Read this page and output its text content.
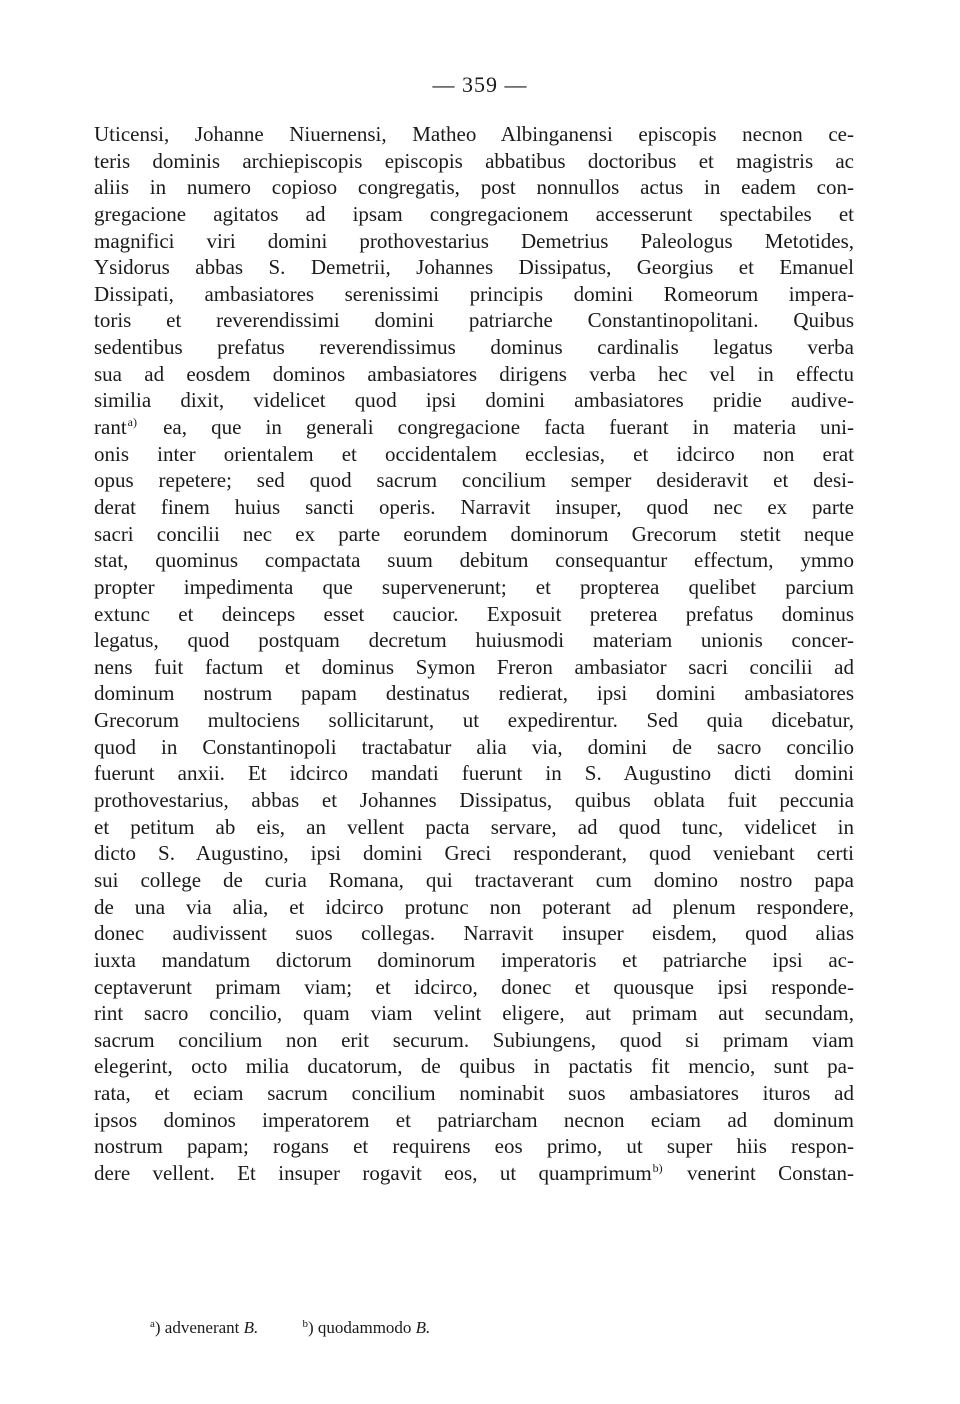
— 359 —
Uticensi, Johanne Niuernensi, Matheo Albinganensi episcopis necnon ce-
teris dominis archiepiscopis episcopis abbatibus doctoribus et magistris ac
aliis in numero copioso congregatis, post nonnullos actus in eadem con-
gregacione agitatos ad ipsam congregacionem accesserunt spectabiles et
magnifici viri domini prothovestarius Demetrius Paleologus Metotides,
Ysidorus abbas S. Demetrii, Johannes Dissipatus, Georgius et Emanuel
Dissipati, ambasiatores serenissimi principis domini Romeorum impera-
toris et reverendissimi domini patriarche Constantinopolitani. Quibus
sedentibus prefatus reverendissimus dominus cardinalis legatus verba
sua ad eosdem dominos ambasiatores dirigens verba hec vel in effectu
similia dixit, videlicet quod ipsi domini ambasiatores pridie audive-
rant$^{a)}$ ea, que in generali congregacione facta fuerant in materia uni-
onis inter orientalem et occidentalem ecclesias, et idcirco non erat
opus repetere; sed quod sacrum concilium semper desideravit et desi-
derat finem huius sancti operis. Narravit insuper, quod nec ex parte
sacri concilii nec ex parte eorundem dominorum Grecorum stetit neque
stat, quominus compactata suum debitum consequantur effectum, ymmo
propter impedimenta que supervenerunt; et propterea quelibet parcium
extunc et deinceps esset caucior. Exposuit preterea prefatus dominus
legatus, quod postquam decretum huiusmodi materiam unionis concer-
nens fuit factum et dominus Symon Freron ambasiator sacri concilii ad
dominum nostrum papam destinatus redierat, ipsi domini ambasiatores
Grecorum multociens sollicitarunt, ut expedirentur. Sed quia dicebatur,
quod in Constantinopoli tractabatur alia via, domini de sacro concilio
fuerunt anxii. Et idcirco mandati fuerunt in S. Augustino dicti domini
prothovestarius, abbas et Johannes Dissipatus, quibus oblata fuit peccunia
et petitum ab eis, an vellent pacta servare, ad quod tunc, videlicet in
dicto S. Augustino, ipsi domini Greci responderant, quod veniebant certi
sui college de curia Romana, qui tractaverant cum domino nostro papa
de una via alia, et idcirco protunc non poterant ad plenum respondere,
donec audivissent suos collegas. Narravit insuper eisdem, quod alias
iuxta mandatum dictorum dominorum imperatoris et patriarche ipsi ac-
ceptaverunt primam viam; et idcirco, donec et quousque ipsi responde-
rint sacro concilio, quam viam velint eligere, aut primam aut secundam,
sacrum concilium non erit securum. Subiungens, quod si primam viam
elegerint, octo milia ducatorum, de quibus in pactatis fit mencio, sunt pa-
rata, et eciam sacrum concilium nominabit suos ambasiatores ituros ad
ipsos dominos imperatorem et patriarcham necnon eciam ad dominum
nostrum papam; rogans et requirens eos primo, ut super hiis respon-
dere vellent. Et insuper rogavit eos, ut quamprimum$^{b)}$ venerint Constan-
$^a$) advenerant B.	$^b$) quodammodo B.
